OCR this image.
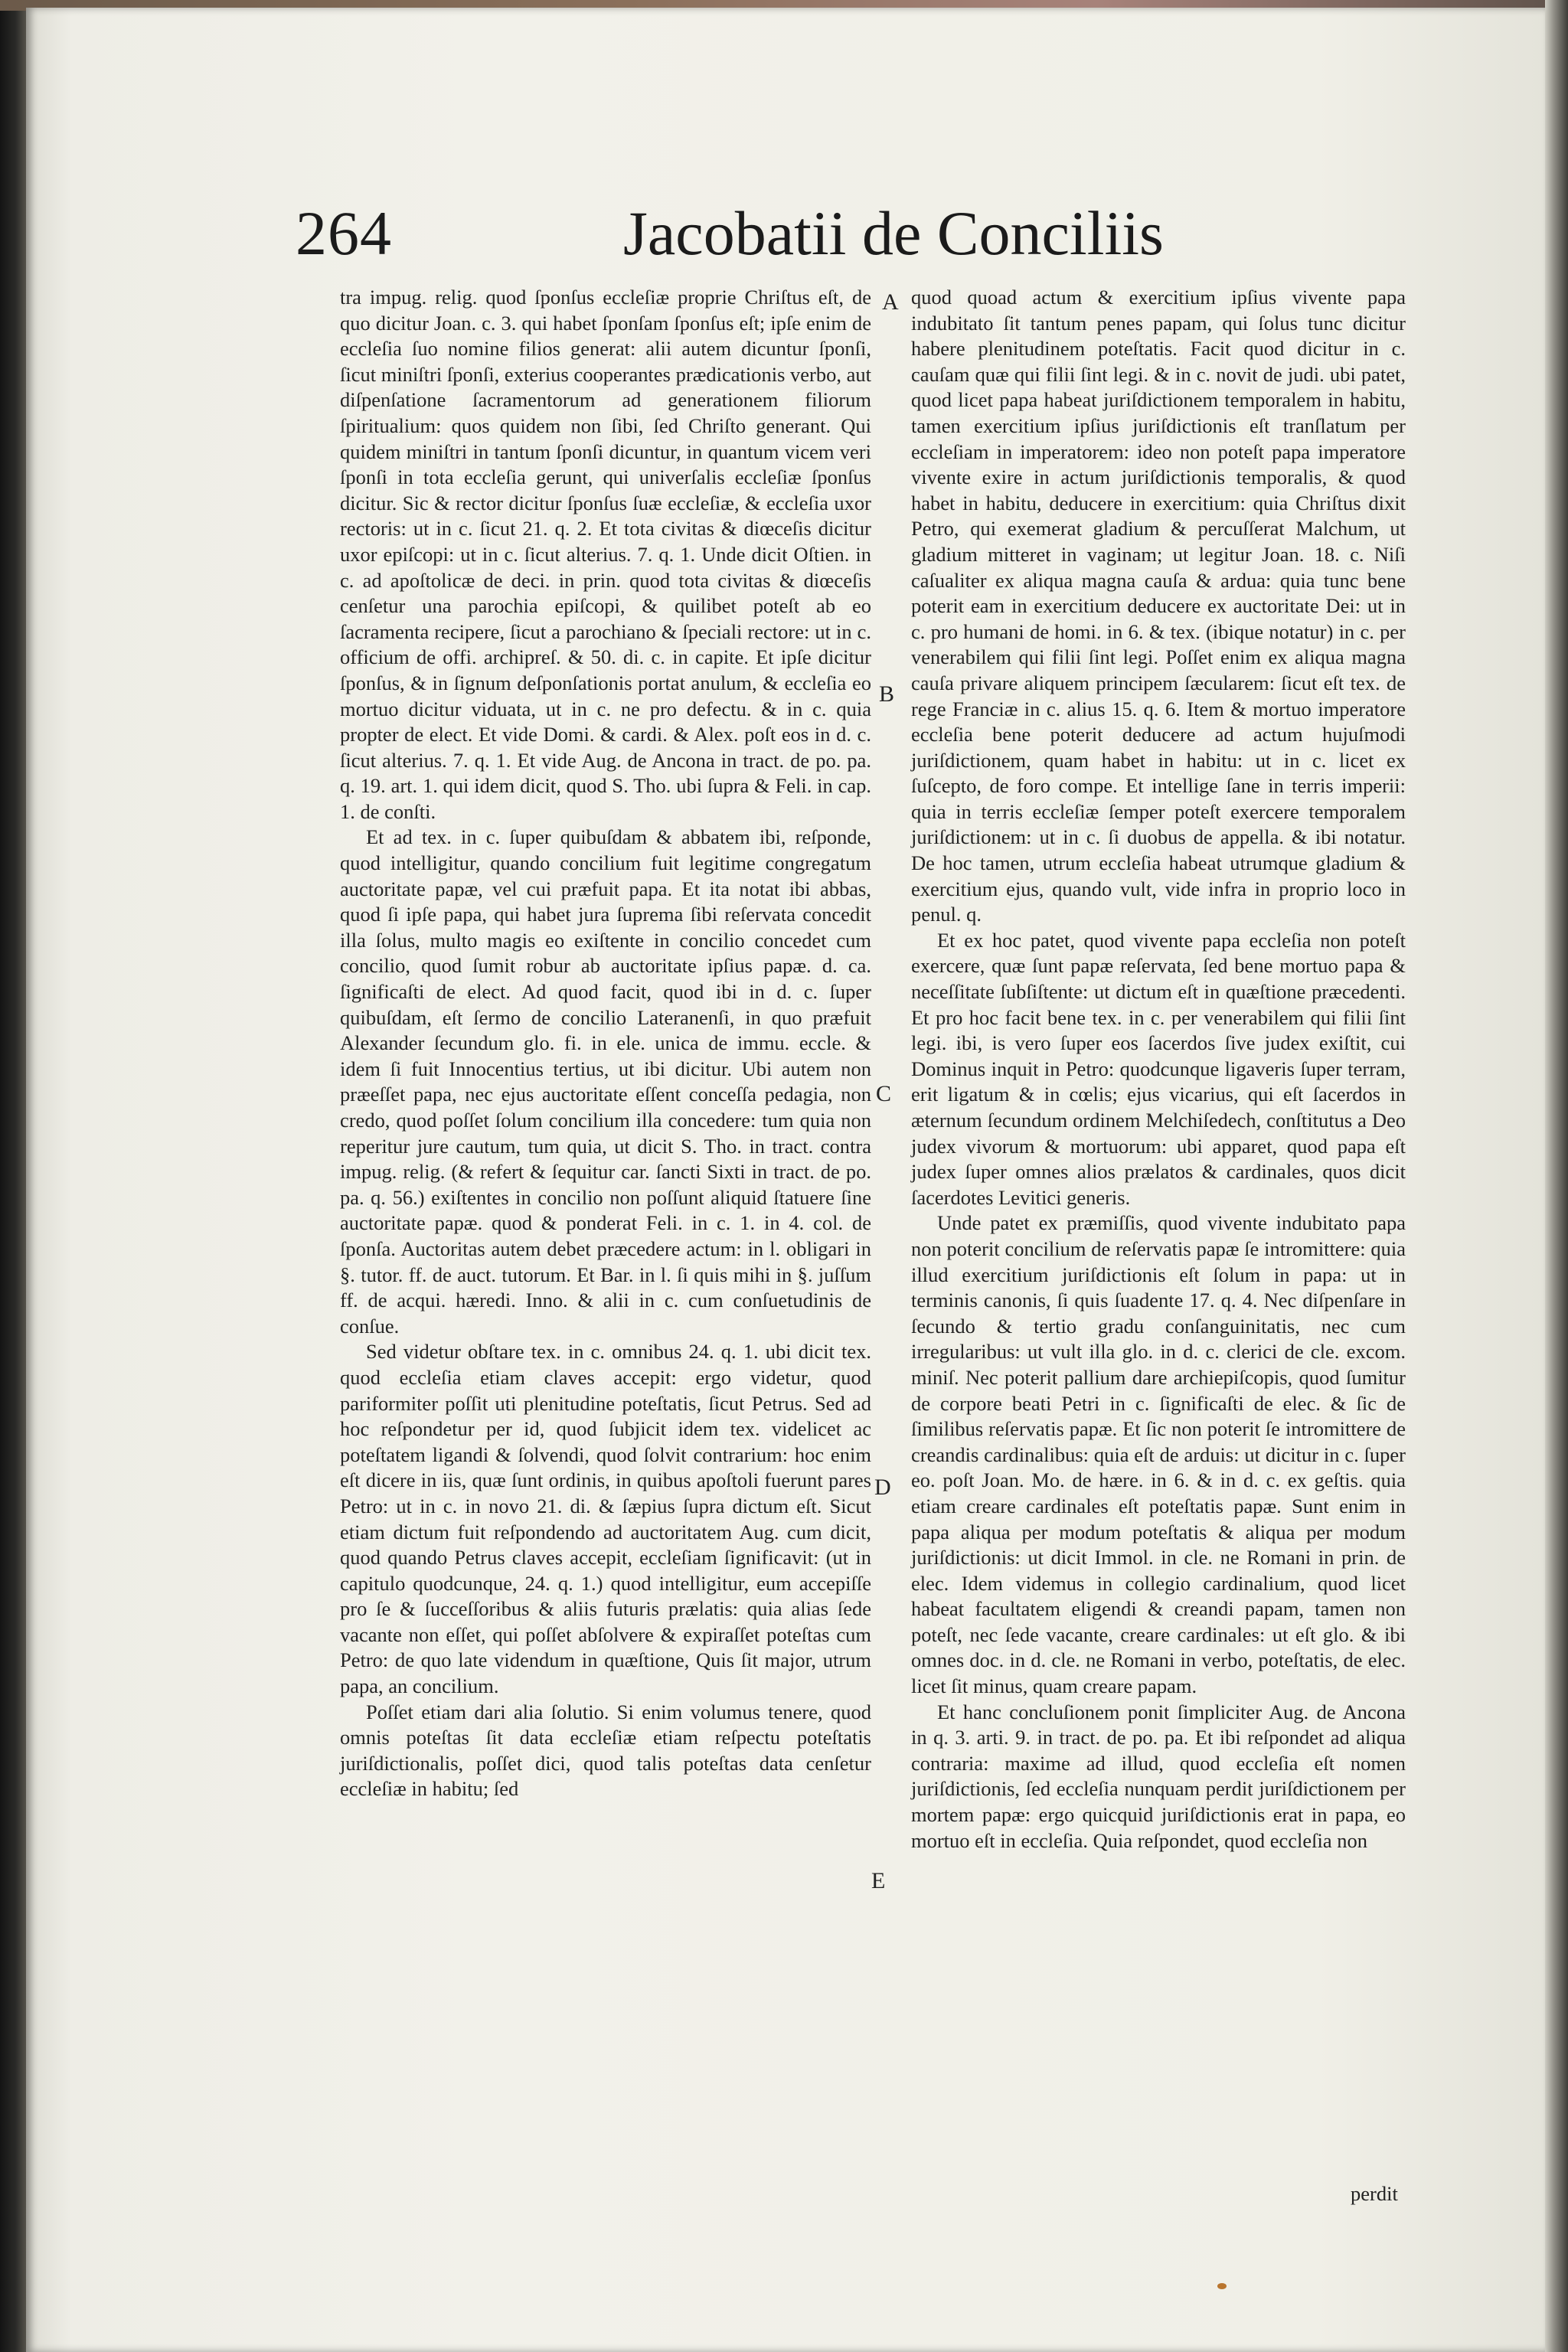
264	Jacobatii de Conciliis
A
B
C
D
E

tra impug. relig. quod ſponſus eccleſiæ proprie Chriſtus eſt, de quo dicitur Joan. c. 3. qui habet ſponſam ſponſus eſt; ipſe enim de eccleſia ſuo nomine filios generat: alii autem dicuntur ſponſi, ſicut miniſtri ſponſi, exterius cooperantes prædicationis verbo, aut diſpenſatione ſacramentorum ad generationem filiorum ſpiritualium: quos quidem non ſibi, ſed Chriſto generant. Qui quidem miniſtri in tantum ſponſi dicuntur, in quantum vicem veri ſponſi in tota eccleſia gerunt, qui univerſalis eccleſiæ ſponſus dicitur. Sic & rector dicitur ſponſus ſuæ eccleſiæ, & eccleſia uxor rectoris: ut in c. ſicut 21. q. 2. Et tota civitas & diœceſis dicitur uxor epiſcopi: ut in c. ſicut alterius. 7. q. 1. Unde dicit Oſtien. in c. ad apoſtolicæ de deci. in prin. quod tota civitas & diœceſis cenſetur una parochia epiſcopi, & quilibet poteſt ab eo ſacramenta recipere, ſicut a parochiano & ſpeciali rectore: ut in c. officium de offi. archipreſ. & 50. di. c. in capite. Et ipſe dicitur ſponſus, & in ſignum deſponſationis portat anulum, & eccleſia eo mortuo dicitur viduata, ut in c. ne pro defectu. & in c. quia propter de elect. Et vide Domi. & cardi. & Alex. poſt eos in d. c. ſicut alterius. 7. q. 1. Et vide Aug. de Ancona in tract. de po. pa. q. 19. art. 1. qui idem dicit, quod S. Tho. ubi ſupra & Feli. in cap. 1. de conſti.

Et ad tex. in c. ſuper quibuſdam & abbatem ibi, reſponde, quod intelligitur, quando concilium fuit legitime congregatum auctoritate papæ, vel cui præfuit papa. Et ita notat ibi abbas, quod ſi ipſe papa, qui habet jura ſuprema ſibi reſervata concedit illa ſolus, multo magis eo exiſtente in concilio concedet cum concilio, quod ſumit robur ab auctoritate ipſius papæ. d. ca. ſignificaſti de elect. Ad quod facit, quod ibi in d. c. ſuper quibuſdam, eſt ſermo de concilio Lateranenſi, in quo præfuit Alexander ſecundum glo. fi. in ele. unica de immu. eccle. & idem ſi fuit Innocentius tertius, ut ibi dicitur. Ubi autem non præeſſet papa, nec ejus auctoritate eſſent conceſſa pedagia, non credo, quod poſſet ſolum concilium illa concedere: tum quia non reperitur jure cautum, tum quia, ut dicit S. Tho. in tract. contra impug. relig. (& refert & ſequitur car. ſancti Sixti in tract. de po. pa. q. 56.) exiſtentes in concilio non poſſunt aliquid ſtatuere ſine auctoritate papæ. quod & ponderat Feli. in c. 1. in 4. col. de ſponſa. Auctoritas autem debet præcedere actum: in l. obligari in §. tutor. ff. de auct. tutorum. Et Bar. in l. ſi quis mihi in §. juſſum ff. de acqui. hæredi. Inno. & alii in c. cum conſuetudinis de conſue.

Sed videtur obſtare tex. in c. omnibus 24. q. 1. ubi dicit tex. quod eccleſia etiam claves accepit: ergo videtur, quod pariformiter poſſit uti plenitudine poteſtatis, ſicut Petrus. Sed ad hoc reſpondetur per id, quod ſubjicit idem tex. videlicet ac poteſtatem ligandi & ſolvendi, quod ſolvit contrarium: hoc enim eſt dicere in iis, quæ ſunt ordinis, in quibus apoſtoli fuerunt pares Petro: ut in c. in novo 21. di. & ſæpius ſupra dictum eſt. Sicut etiam dictum fuit reſpondendo ad auctoritatem Aug. cum dicit, quod quando Petrus claves accepit, eccleſiam ſignificavit: (ut in capitulo quodcunque, 24. q. 1.) quod intelligitur, eum accepiſſe pro ſe & ſucceſſoribus & aliis futuris prælatis: quia alias ſede vacante non eſſet, qui poſſet abſolvere & expiraſſet poteſtas cum Petro: de quo late videndum in quæſtione, Quis ſit major, utrum papa, an concilium.

Poſſet etiam dari alia ſolutio. Si enim volumus tenere, quod omnis poteſtas ſit data eccleſiæ etiam reſpectu poteſtatis juriſdictionalis, poſſet dici, quod talis poteſtas data cenſetur eccleſiæ in habitu; ſed

quod quoad actum & exercitium ipſius vivente papa indubitato ſit tantum penes papam, qui ſolus tunc dicitur habere plenitudinem poteſtatis. Facit quod dicitur in c. cauſam quæ qui filii ſint legi. & in c. novit de judi. ubi patet, quod licet papa habeat juriſdictionem temporalem in habitu, tamen exercitium ipſius juriſdictionis eſt tranſlatum per eccleſiam in imperatorem: ideo non poteſt papa imperatore vivente exire in actum juriſdictionis temporalis, & quod habet in habitu, deducere in exercitium: quia Chriſtus dixit Petro, qui exemerat gladium & percuſſerat Malchum, ut gladium mitteret in vaginam; ut legitur Joan. 18. c. Niſi caſualiter ex aliqua magna cauſa & ardua: quia tunc bene poterit eam in exercitium deducere ex auctoritate Dei: ut in c. pro humani de homi. in 6. & tex. (ibique notatur) in c. per venerabilem qui filii ſint legi. Poſſet enim ex aliqua magna cauſa privare aliquem principem ſæcularem: ſicut eſt tex. de rege Franciæ in c. alius 15. q. 6. Item & mortuo imperatore eccleſia bene poterit deducere ad actum hujuſmodi juriſdictionem, quam habet in habitu: ut in c. licet ex ſuſcepto, de foro compe. Et intellige ſane in terris imperii: quia in terris eccleſiæ ſemper poteſt exercere temporalem juriſdictionem: ut in c. ſi duobus de appella. & ibi notatur. De hoc tamen, utrum eccleſia habeat utrumque gladium & exercitium ejus, quando vult, vide infra in proprio loco in penul. q.

Et ex hoc patet, quod vivente papa eccleſia non poteſt exercere, quæ ſunt papæ reſervata, ſed bene mortuo papa & neceſſitate ſubſiſtente: ut dictum eſt in quæſtione præcedenti. Et pro hoc facit bene tex. in c. per venerabilem qui filii ſint legi. ibi, is vero ſuper eos ſacerdos ſive judex exiſtit, cui Dominus inquit in Petro: quodcunque ligaveris ſuper terram, erit ligatum & in cœlis; ejus vicarius, qui eſt ſacerdos in æternum ſecundum ordinem Melchiſedech, conſtitutus a Deo judex vivorum & mortuorum: ubi apparet, quod papa eſt judex ſuper omnes alios prælatos & cardinales, quos dicit ſacerdotes Levitici generis.

Unde patet ex præmiſſis, quod vivente indubitato papa non poterit concilium de reſervatis papæ ſe intromittere: quia illud exercitium juriſdictionis eſt ſolum in papa: ut in terminis canonis, ſi quis ſuadente 17. q. 4. Nec diſpenſare in ſecundo & tertio gradu conſanguinitatis, nec cum irregularibus: ut vult illa glo. in d. c. clerici de cle. excom. miniſ. Nec poterit pallium dare archiepiſcopis, quod ſumitur de corpore beati Petri in c. ſignificaſti de elec. & ſic de ſimilibus reſervatis papæ. Et ſic non poterit ſe intromittere de creandis cardinalibus: quia eſt de arduis: ut dicitur in c. ſuper eo. poſt Joan. Mo. de hære. in 6. & in d. c. ex geſtis. quia etiam creare cardinales eſt poteſtatis papæ. Sunt enim in papa aliqua per modum poteſtatis & aliqua per modum juriſdictionis: ut dicit Immol. in cle. ne Romani in prin. de elec. Idem videmus in collegio cardinalium, quod licet habeat facultatem eligendi & creandi papam, tamen non poteſt, nec ſede vacante, creare cardinales: ut eſt glo. & ibi omnes doc. in d. cle. ne Romani in verbo, poteſtatis, de elec. licet ſit minus, quam creare papam.

Et hanc concluſionem ponit ſimpliciter Aug. de Ancona in q. 3. arti. 9. in tract. de po. pa. Et ibi reſpondet ad aliqua contraria: maxime ad illud, quod eccleſia eſt nomen juriſdictionis, ſed eccleſia nunquam perdit juriſdictionem per mortem papæ: ergo quicquid juriſdictionis erat in papa, eo mortuo eſt in eccleſia. Quia reſpondet, quod eccleſia non

perdit
